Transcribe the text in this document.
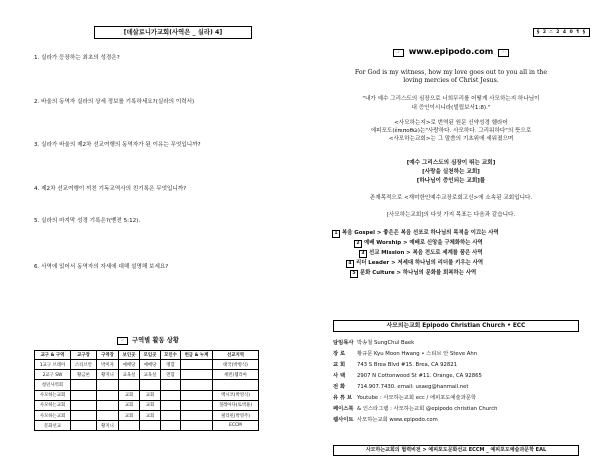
[데살로니가교회(사역은 _ 실라) 4]
1. 실라가 등장하는 최초의 성경은?
2. 바울의 동역자 실라의 상세 정보를 기록하세요?(실라의 이력서)
3. 실라가 바울의 제2차 선교여행의 동역자가 된 이유는 무엇입니까?
4. 제2차 선교여행이 끼친 기독교역사의 친기록은 무엇입니까?
5. 실라의 마지막 성경 기록은?(벧전 5:12).
6. 사역에 있어서 동역자의 자세에 대해 설명해 보세요?
☞ 구역별 활동 상황
교구 & 구역	교구장	구역장	보인곳	모임곳	모인수	헌금 & 누계	선교지역
1교구 브레아	스티브안	박미자	예배당	예배당	명함		태국(박병식)
2교구 SW	황금론	황지니	교육실	교육실	면함		세빈(웹리아
청년사역회							
사모하는교회			교회	교회			멕시코(박영식)
사모하는교회			교회	교회			칠레아다(토벽용)
사모하는교회			교회	교회			필리핀(박영주)
문화선교		황지니					ECCM
§ 2 ∴ 2 4 0 ¶ §
☞ www.epipodo.com ☜
For God is my witness, how my love goes out to you all in the
loving mercies of Christ Jesus.
"내가 예수 그리스도의 심장으로 너희무리를 어떻게 사모하는지 하나님이
내 증인이시니라(빌립보서1:8)."
<사모하는지>로 번역된 원문 신약성경 헬라어
에피포도(ἐπιποθῶ)는"사랑하다. 사모하다. 그리워하다"의 뜻으로
<사모하는교회>는 그 말씀의 기초위에 세워졌으며
[예수 그리스도의 심장이 뛰는 교회]
[사랑을 실천하는 교회]
[하나님이 증인되는 교회]를
존재목적으로 <재미한인예수교장로회고신>에 소속된 교회입니다.
[사모하는교회]의 다섯 가지 목표는 다음과 같습니다.
1 복음 Gospel > 좋은은 복음 선포로 하나님의 목적을 이끄는 사역
2 예배 Worship > 예배로 신앙을 구체화하는 사역
3 선교 Mission > 복음 전도로 세계를 품은 사역
4 리더 Leader > 저세대 하나님의 리더를 키우는 사역
5 문화 Culture > 하나님의 문화를 회복하는 사역
사모의는교회 Epipodo Christian Church • ECC
담임목사 박송철 SungChul Baek
장 로 황규문 Kyu Moon Hwang • 스티브 안 Steve Ahn
교 회 743 S Brea Blvd #15. Brea, CA 92821
사 택 2907 N Cottonwood St #11. Orange, CA 92865
전 화 714.907.7430. email: usaeg@hanmail.net
유 튜 브 Youtube : 사모하는교회 ecc / 에피포도예술과문학
페이스북 & 인스타그램 : 사모하는교회 @epipodo christian Church
웹사이트 사모하는교회 www.epipodo.com
사모하는교회의 협력비전 > 예피포도문화선교 ECCM _ 예피포도예술과문학 EAL
